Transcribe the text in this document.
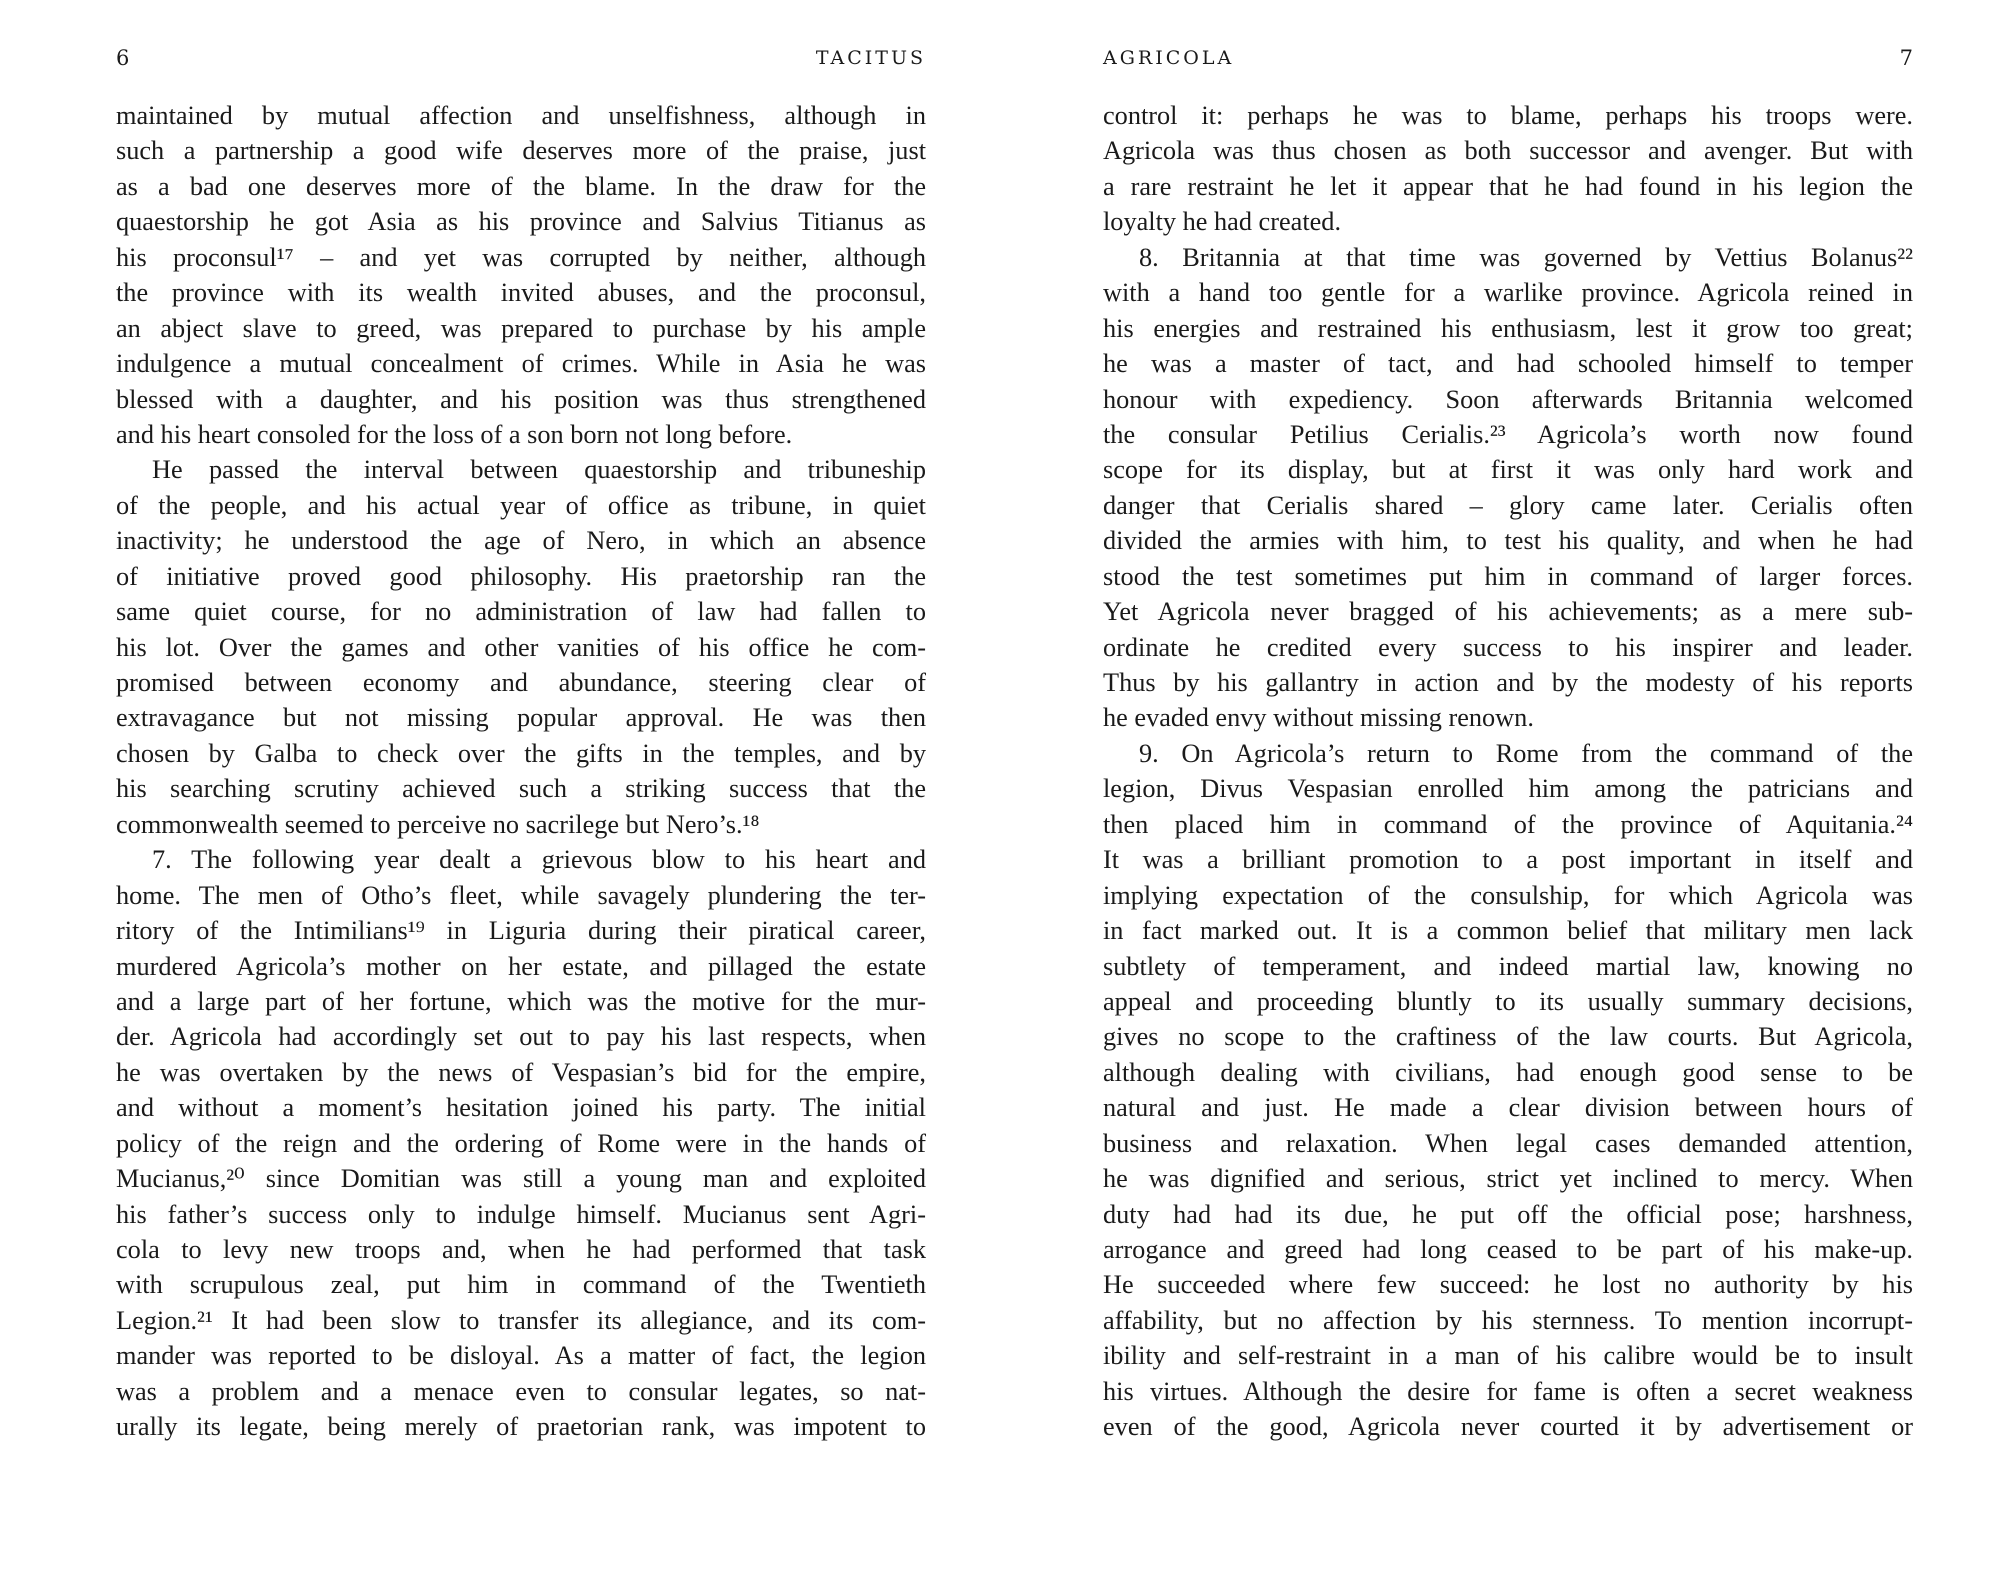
6	TACITUS
maintained by mutual affection and unselfishness, although in
such a partnership a good wife deserves more of the praise, just
as a bad one deserves more of the blame. In the draw for the
quaestorship he got Asia as his province and Salvius Titianus as
his proconsul¹⁷ – and yet was corrupted by neither, although
the province with its wealth invited abuses, and the proconsul,
an abject slave to greed, was prepared to purchase by his ample
indulgence a mutual concealment of crimes. While in Asia he was
blessed with a daughter, and his position was thus strengthened
and his heart consoled for the loss of a son born not long before.
He passed the interval between quaestorship and tribuneship
of the people, and his actual year of office as tribune, in quiet
inactivity; he understood the age of Nero, in which an absence
of initiative proved good philosophy. His praetorship ran the
same quiet course, for no administration of law had fallen to
his lot. Over the games and other vanities of his office he com-
promised between economy and abundance, steering clear of
extravagance but not missing popular approval. He was then
chosen by Galba to check over the gifts in the temples, and by
his searching scrutiny achieved such a striking success that the
commonwealth seemed to perceive no sacrilege but Nero’s.¹⁸
7. The following year dealt a grievous blow to his heart and
home. The men of Otho’s fleet, while savagely plundering the ter-
ritory of the Intimilians¹⁹ in Liguria during their piratical career,
murdered Agricola’s mother on her estate, and pillaged the estate
and a large part of her fortune, which was the motive for the mur-
der. Agricola had accordingly set out to pay his last respects, when
he was overtaken by the news of Vespasian’s bid for the empire,
and without a moment’s hesitation joined his party. The initial
policy of the reign and the ordering of Rome were in the hands of
Mucianus,²⁰ since Domitian was still a young man and exploited
his father’s success only to indulge himself. Mucianus sent Agri-
cola to levy new troops and, when he had performed that task
with scrupulous zeal, put him in command of the Twentieth
Legion.²¹ It had been slow to transfer its allegiance, and its com-
mander was reported to be disloyal. As a matter of fact, the legion
was a problem and a menace even to consular legates, so nat-
urally its legate, being merely of praetorian rank, was impotent to
AGRICOLA	7
control it: perhaps he was to blame, perhaps his troops were.
Agricola was thus chosen as both successor and avenger. But with
a rare restraint he let it appear that he had found in his legion the
loyalty he had created.
8. Britannia at that time was governed by Vettius Bolanus²²
with a hand too gentle for a warlike province. Agricola reined in
his energies and restrained his enthusiasm, lest it grow too great;
he was a master of tact, and had schooled himself to temper
honour with expediency. Soon afterwards Britannia welcomed
the consular Petilius Cerialis.²³ Agricola’s worth now found
scope for its display, but at first it was only hard work and
danger that Cerialis shared – glory came later. Cerialis often
divided the armies with him, to test his quality, and when he had
stood the test sometimes put him in command of larger forces.
Yet Agricola never bragged of his achievements; as a mere sub-
ordinate he credited every success to his inspirer and leader.
Thus by his gallantry in action and by the modesty of his reports
he evaded envy without missing renown.
9. On Agricola’s return to Rome from the command of the
legion, Divus Vespasian enrolled him among the patricians and
then placed him in command of the province of Aquitania.²⁴
It was a brilliant promotion to a post important in itself and
implying expectation of the consulship, for which Agricola was
in fact marked out. It is a common belief that military men lack
subtlety of temperament, and indeed martial law, knowing no
appeal and proceeding bluntly to its usually summary decisions,
gives no scope to the craftiness of the law courts. But Agricola,
although dealing with civilians, had enough good sense to be
natural and just. He made a clear division between hours of
business and relaxation. When legal cases demanded attention,
he was dignified and serious, strict yet inclined to mercy. When
duty had had its due, he put off the official pose; harshness,
arrogance and greed had long ceased to be part of his make-up.
He succeeded where few succeed: he lost no authority by his
affability, but no affection by his sternness. To mention incorrupt-
ibility and self-restraint in a man of his calibre would be to insult
his virtues. Although the desire for fame is often a secret weakness
even of the good, Agricola never courted it by advertisement or
